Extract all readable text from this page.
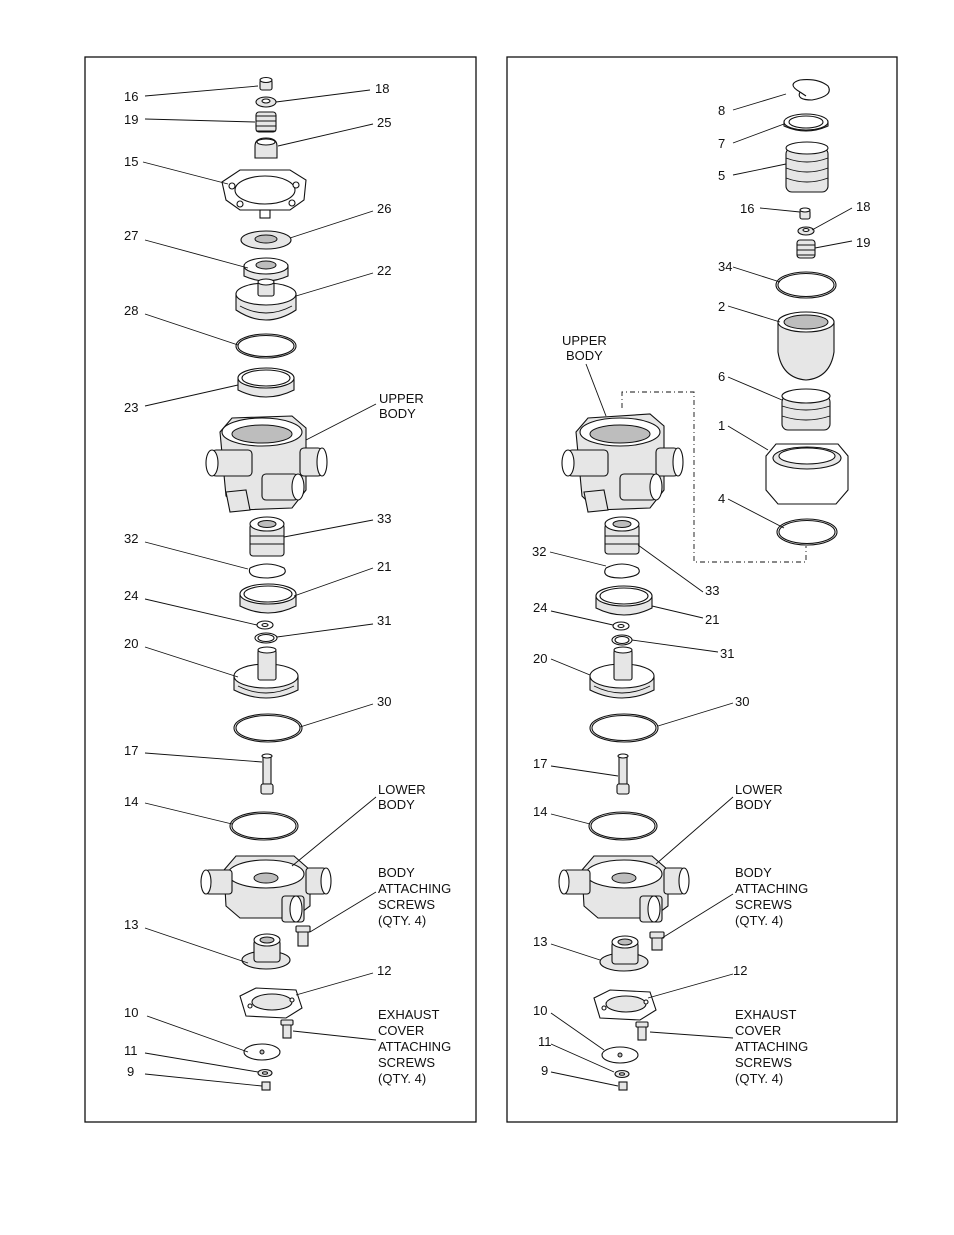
16
18
19	25
15
26
27
22
28
23
UPPER
BODY
33
32
21
24
31
20
30
17
LOWER
BODY
14
BODY
ATTACHING
SCREWS
(QTY. 4)
13
12
10	EXHAUST
COVER
ATTACHING
SCREWS
(QTY. 4)
11
9
8
7
5
16	18
19
34
2
UPPER
BODY
6
1
4
32
33
24
21
31
20
30
17
LOWER
BODY
14
BODY
ATTACHING
SCREWS
(QTY. 4)
13
12
10	EXHAUST
COVER
ATTACHING
SCREWS
(QTY. 4)
11
9
